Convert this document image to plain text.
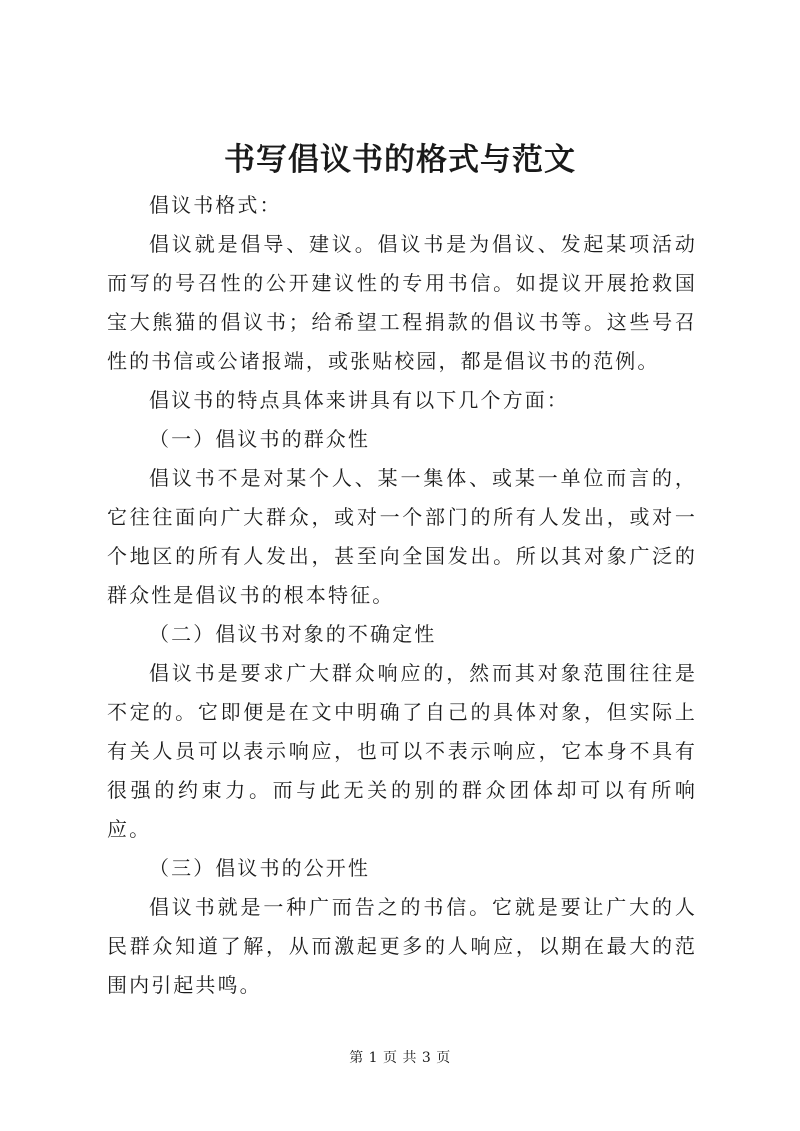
书写倡议书的格式与范文

倡议书格式：

倡议就是倡导、建议。倡议书是为倡议、发起某项活动而写的号召性的公开建议性的专用书信。如提议开展抢救国宝大熊猫的倡议书；给希望工程捐款的倡议书等。这些号召性的书信或公诸报端，或张贴校园，都是倡议书的范例。

倡议书的特点具体来讲具有以下几个方面：

（一）倡议书的群众性

倡议书不是对某个人、某一集体、或某一单位而言的，它往往面向广大群众，或对一个部门的所有人发出，或对一个地区的所有人发出，甚至向全国发出。所以其对象广泛的群众性是倡议书的根本特征。

（二）倡议书对象的不确定性

倡议书是要求广大群众响应的，然而其对象范围往往是不定的。它即便是在文中明确了自己的具体对象，但实际上有关人员可以表示响应，也可以不表示响应，它本身不具有很强的约束力。而与此无关的别的群众团体却可以有所响应。

（三）倡议书的公开性

倡议书就是一种广而告之的书信。它就是要让广大的人民群众知道了解，从而激起更多的人响应，以期在最大的范围内引起共鸣。

第 1 页 共 3 页
